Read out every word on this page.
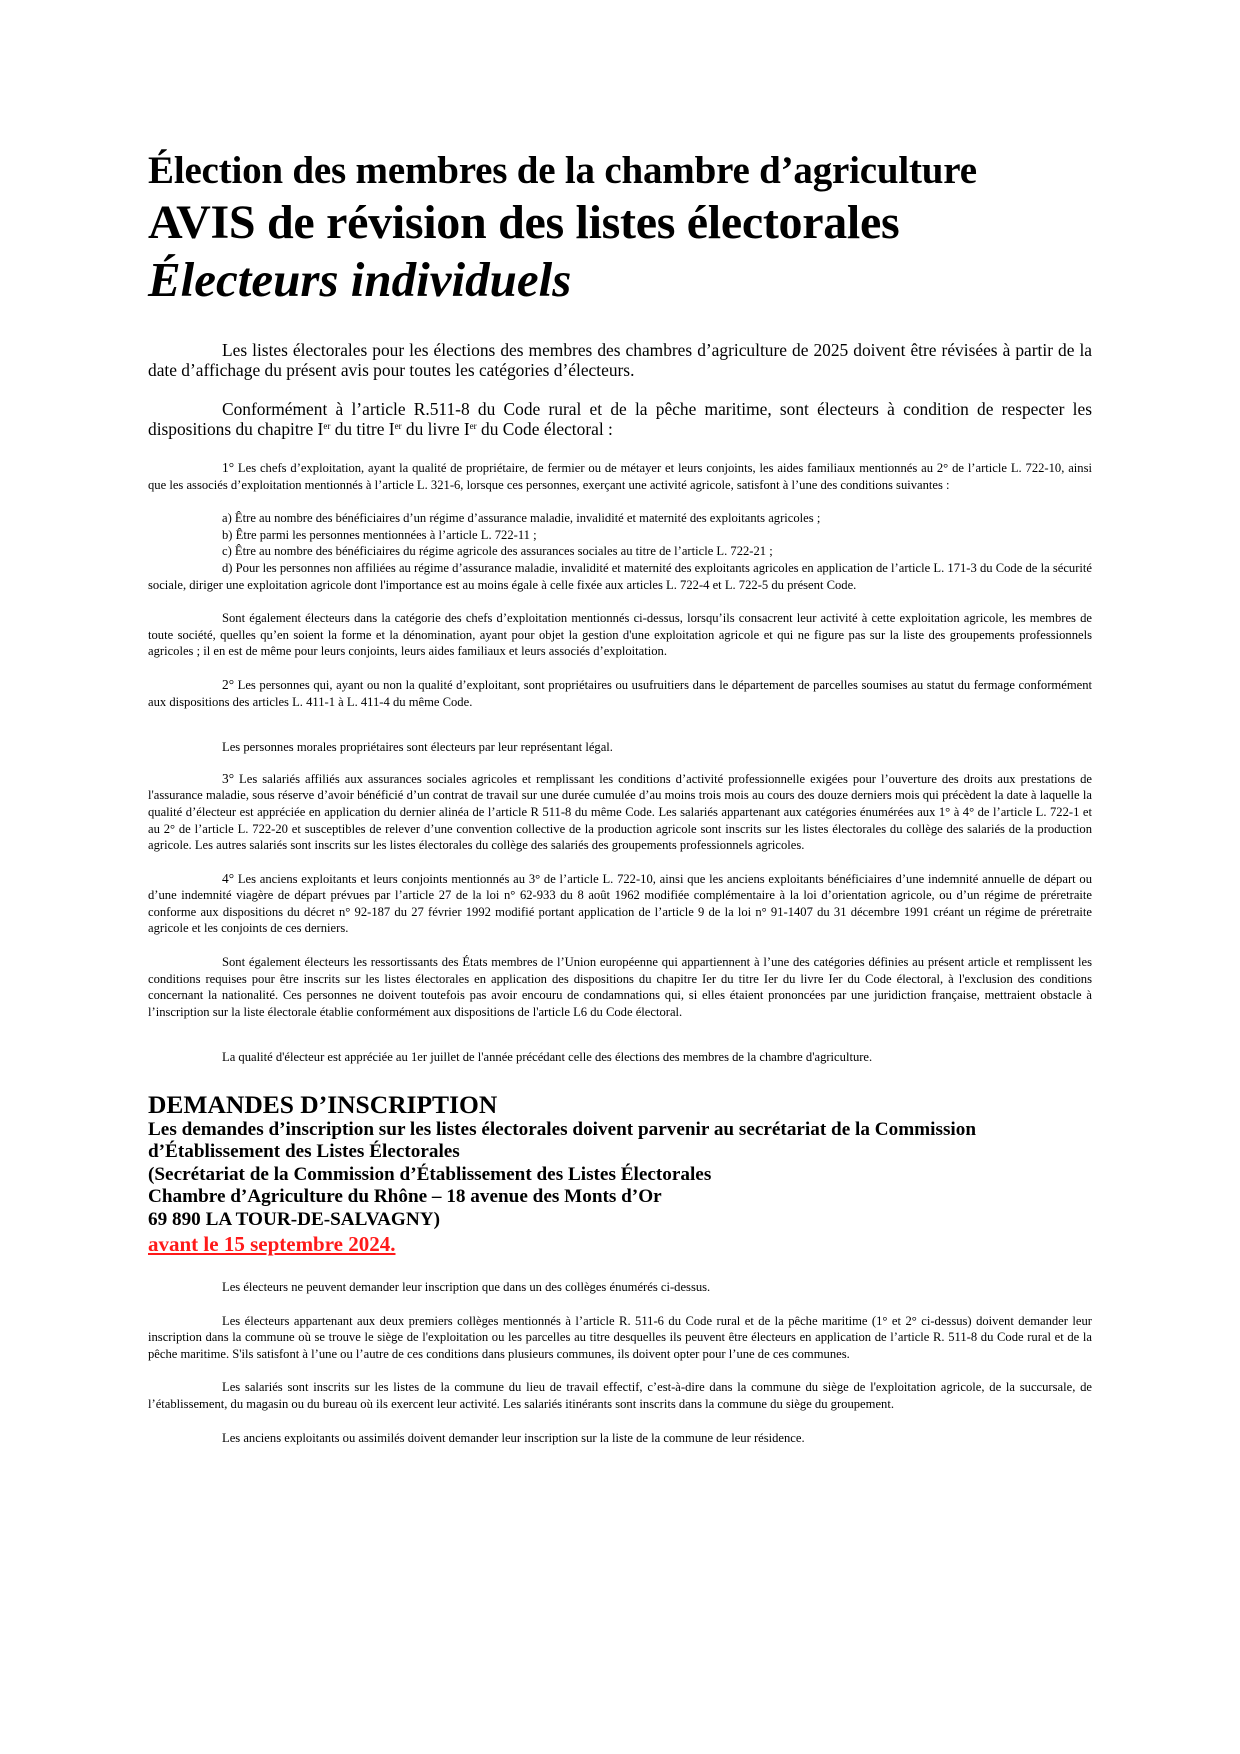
Élection des membres de la chambre d’agriculture

AVIS de révision des listes électorales

Électeurs individuels

Les listes électorales pour les élections des membres des chambres d’agriculture de 2025 doivent être révisées à partir de la date d’affichage du présent avis pour toutes les catégories d’électeurs.

Conformément à l’article R.511-8 du Code rural et de la pêche maritime, sont électeurs à condition de respecter les dispositions du chapitre Ier du titre Ier du livre Ier du Code électoral :

1° Les chefs d’exploitation, ayant la qualité de propriétaire, de fermier ou de métayer et leurs conjoints, les aides familiaux mentionnés au 2° de l’article L. 722-10, ainsi que les associés d’exploitation mentionnés à l’article L. 321-6, lorsque ces personnes, exerçant une activité agricole, satisfont à l’une des conditions suivantes :

a) Être au nombre des bénéficiaires d’un régime d’assurance maladie, invalidité et maternité des exploitants agricoles ;

b) Être parmi les personnes mentionnées à l’article L. 722-11 ;

c) Être au nombre des bénéficiaires du régime agricole des assurances sociales au titre de l’article L. 722-21 ;

d) Pour les personnes non affiliées au régime d’assurance maladie, invalidité et maternité des exploitants agricoles en application de l’article L. 171-3 du Code de la sécurité sociale, diriger une exploitation agricole dont l'importance est au moins égale à celle fixée aux articles L. 722-4 et L. 722-5 du présent Code.

Sont également électeurs dans la catégorie des chefs d’exploitation mentionnés ci-dessus, lorsqu’ils consacrent leur activité à cette exploitation agricole, les membres de toute société, quelles qu’en soient la forme et la dénomination, ayant pour objet la gestion d'une exploitation agricole et qui ne figure pas sur la liste des groupements professionnels agricoles ; il en est de même pour leurs conjoints, leurs aides familiaux et leurs associés d’exploitation.

2° Les personnes qui, ayant ou non la qualité d’exploitant, sont propriétaires ou usufruitiers dans le département de parcelles soumises au statut du fermage conformément aux dispositions des articles L. 411-1 à L. 411-4 du même Code.

Les personnes morales propriétaires sont électeurs par leur représentant légal.

3° Les salariés affiliés aux assurances sociales agricoles et remplissant les conditions d’activité professionnelle exigées pour l’ouverture des droits aux prestations de l'assurance maladie, sous réserve d’avoir bénéficié d’un contrat de travail sur une durée cumulée d’au moins trois mois au cours des douze derniers mois qui précèdent la date à laquelle la qualité d’électeur est appréciée en application du dernier alinéa de l’article R 511-8 du même Code. Les salariés appartenant aux catégories énumérées aux 1° à 4° de l’article L. 722-1 et au 2° de l’article L. 722-20 et susceptibles de relever d’une convention collective de la production agricole sont inscrits sur les listes électorales du collège des salariés de la production agricole. Les autres salariés sont inscrits sur les listes électorales du collège des salariés des groupements professionnels agricoles.

4° Les anciens exploitants et leurs conjoints mentionnés au 3° de l’article L. 722-10, ainsi que les anciens exploitants bénéficiaires d’une indemnité annuelle de départ ou d’une indemnité viagère de départ prévues par l’article 27 de la loi n° 62-933 du 8 août 1962 modifiée complémentaire à la loi d’orientation agricole, ou d’un régime de préretraite conforme aux dispositions du décret n° 92-187 du 27 février 1992 modifié portant application de l’article 9 de la loi n° 91-1407 du 31 décembre 1991 créant un régime de préretraite agricole et les conjoints de ces derniers.

Sont également électeurs les ressortissants des États membres de l’Union européenne qui appartiennent à l’une des catégories définies au présent article et remplissent les conditions requises pour être inscrits sur les listes électorales en application des dispositions du chapitre Ier du titre Ier du livre Ier du Code électoral, à l'exclusion des conditions concernant la nationalité. Ces personnes ne doivent toutefois pas avoir encouru de condamnations qui, si elles étaient prononcées par une juridiction française, mettraient obstacle à l’inscription sur la liste électorale établie conformément aux dispositions de l'article L6 du Code électoral.

La qualité d'électeur est appréciée au 1er juillet de l'année précédant celle des élections des membres de la chambre d'agriculture.

DEMANDES D’INSCRIPTION

Les demandes d’inscription sur les listes électorales doivent parvenir au secrétariat de la Commission

d’Établissement des Listes Électorales

(Secrétariat de la Commission d’Établissement des Listes Électorales

Chambre d’Agriculture du Rhône – 18 avenue des Monts d’Or

69 890 LA TOUR-DE-SALVAGNY)

avant le 15 septembre 2024.

Les électeurs ne peuvent demander leur inscription que dans un des collèges énumérés ci-dessus.

Les électeurs appartenant aux deux premiers collèges mentionnés à l’article R. 511-6 du Code rural et de la pêche maritime (1° et 2° ci-dessus) doivent demander leur inscription dans la commune où se trouve le siège de l'exploitation ou les parcelles au titre desquelles ils peuvent être électeurs en application de l’article R. 511-8 du Code rural et de la pêche maritime. S'ils satisfont à l’une ou l’autre de ces conditions dans plusieurs communes, ils doivent opter pour l’une de ces communes.

Les salariés sont inscrits sur les listes de la commune du lieu de travail effectif, c’est-à-dire dans la commune du siège de l'exploitation agricole, de la succursale, de l’établissement, du magasin ou du bureau où ils exercent leur activité. Les salariés itinérants sont inscrits dans la commune du siège du groupement.

Les anciens exploitants ou assimilés doivent demander leur inscription sur la liste de la commune de leur résidence.
